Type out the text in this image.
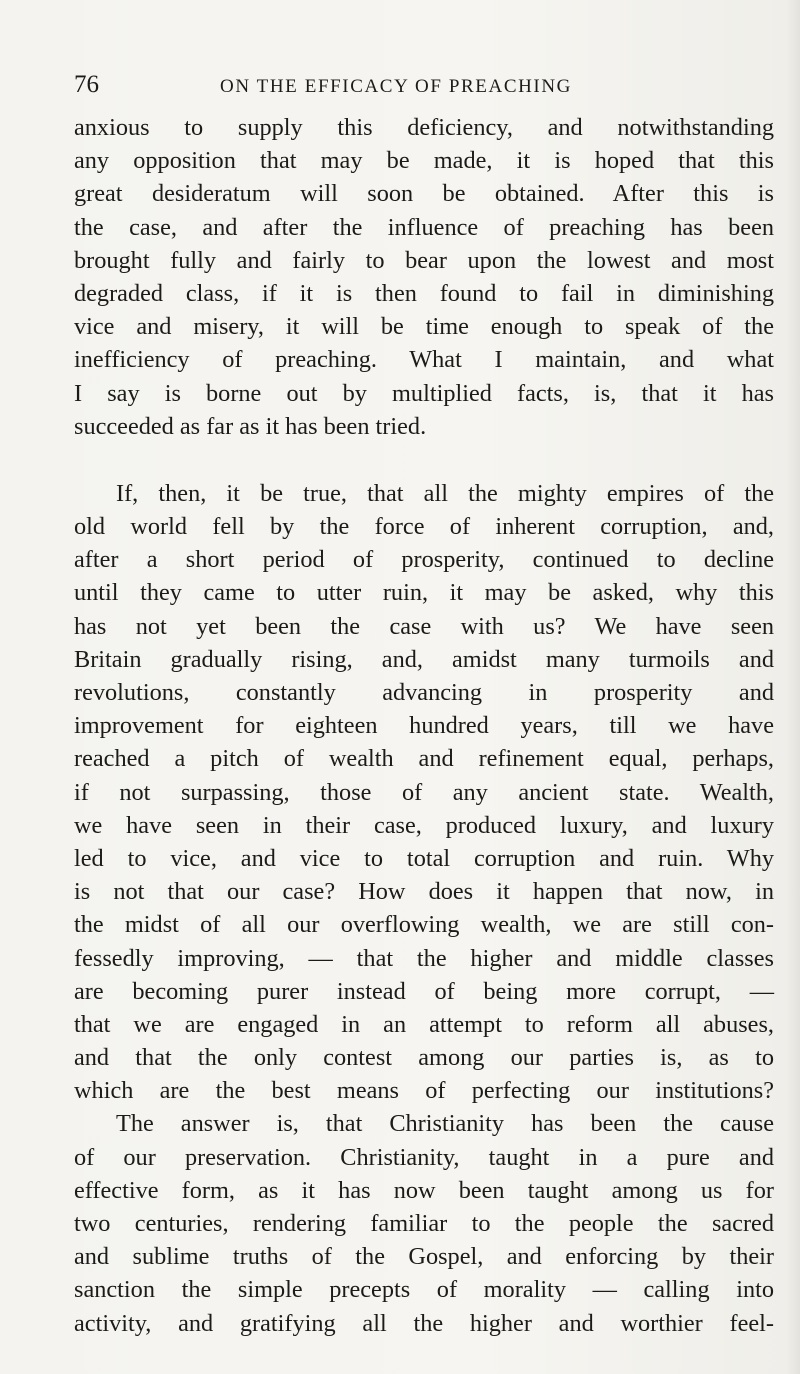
76	ON THE EFFICACY OF PREACHING
anxious to supply this deficiency, and notwithstanding
any opposition that may be made, it is hoped that this
great desideratum will soon be obtained. After this is
the case, and after the influence of preaching has been
brought fully and fairly to bear upon the lowest and most
degraded class, if it is then found to fail in diminishing
vice and misery, it will be time enough to speak of the
inefficiency of preaching. What I maintain, and what
I say is borne out by multiplied facts, is, that it has
succeeded as far as it has been tried.
If, then, it be true, that all the mighty empires of the
old world fell by the force of inherent corruption, and,
after a short period of prosperity, continued to decline
until they came to utter ruin, it may be asked, why this
has not yet been the case with us? We have seen
Britain gradually rising, and, amidst many turmoils and
revolutions, constantly advancing in prosperity and
improvement for eighteen hundred years, till we have
reached a pitch of wealth and refinement equal, perhaps,
if not surpassing, those of any ancient state. Wealth,
we have seen in their case, produced luxury, and luxury
led to vice, and vice to total corruption and ruin. Why
is not that our case? How does it happen that now, in
the midst of all our overflowing wealth, we are still con-
fessedly improving, — that the higher and middle classes
are becoming purer instead of being more corrupt, —
that we are engaged in an attempt to reform all abuses,
and that the only contest among our parties is, as to
which are the best means of perfecting our institutions?
The answer is, that Christianity has been the cause
of our preservation. Christianity, taught in a pure and
effective form, as it has now been taught among us for
two centuries, rendering familiar to the people the sacred
and sublime truths of the Gospel, and enforcing by their
sanction the simple precepts of morality — calling into
activity, and gratifying all the higher and worthier feel-
